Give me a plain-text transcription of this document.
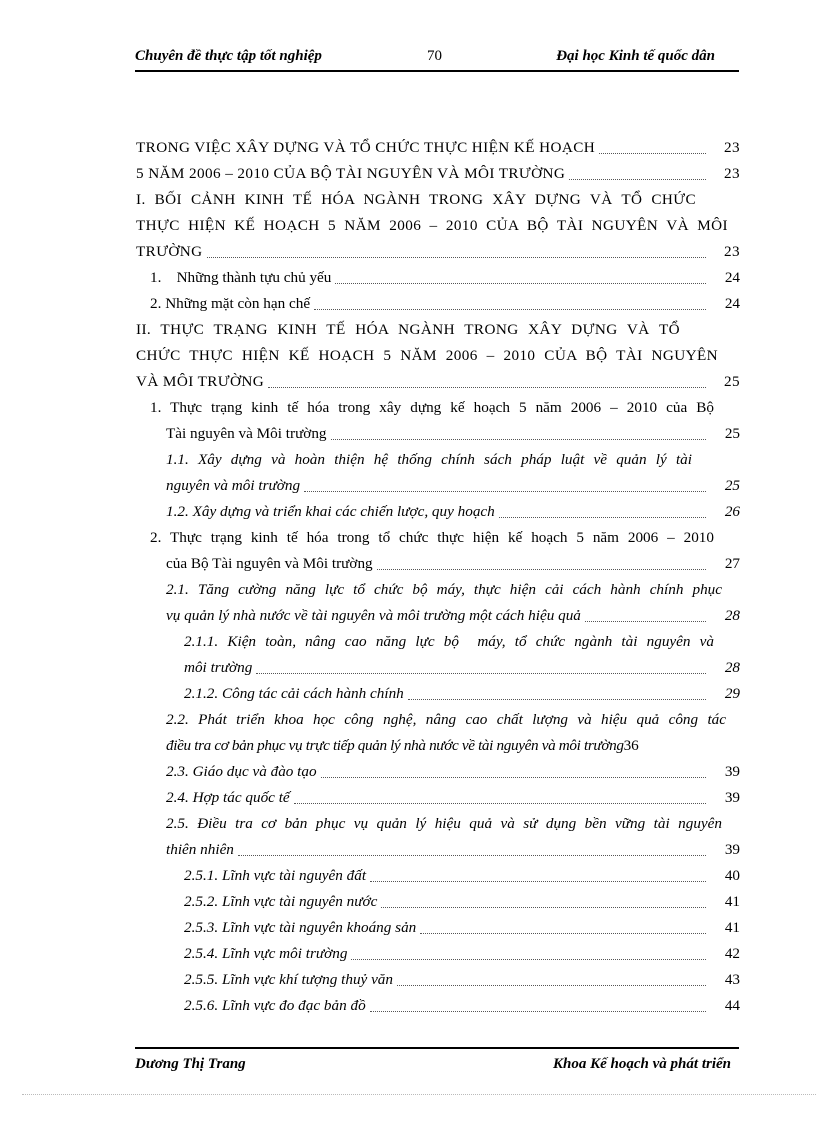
Chuyên đề thực tập tốt nghiệp	70	Đại học Kinh tế quốc dân
TRONG VIỆC XÂY DỰNG VÀ TỔ CHỨC THỰC HIỆN KẾ HOẠCH	23
5 NĂM 2006 – 2010 CỦA BỘ TÀI NGUYÊN VÀ MÔI TRƯỜNG	23
I. BỐI CẢNH KINH TẾ HÓA NGÀNH TRONG XÂY DỰNG VÀ TỔ CHỨC
THỰC HIỆN KẾ HOẠCH 5 NĂM 2006 – 2010 CỦA BỘ TÀI NGUYÊN VÀ MÔI
TRƯỜNG	23
1.    Những thành tựu chủ yếu	24
2. Những mặt còn hạn chế	24
II. THỰC TRẠNG KINH TẾ HÓA NGÀNH TRONG XÂY DỰNG VÀ TỔ
CHỨC THỰC HIỆN KẾ HOẠCH 5 NĂM 2006 – 2010 CỦA BỘ TÀI NGUYÊN
VÀ MÔI TRƯỜNG	25
1. Thực trạng kinh tế hóa trong xây dựng kế hoạch 5 năm 2006 – 2010 của Bộ
Tài nguyên và Môi trường	25
1.1. Xây dựng và hoàn thiện hệ thống chính sách pháp luật về quản lý tài
nguyên và môi trường	25
1.2. Xây dựng và triển khai các chiến lược, quy hoạch	26
2. Thực trạng kinh tế hóa trong tổ chức thực hiện kế hoạch 5 năm 2006 – 2010
của Bộ Tài nguyên và Môi trường	27
2.1. Tăng cường năng lực tổ chức bộ máy, thực hiện cải cách hành chính phục
vụ quản lý nhà nước về tài nguyên và môi trường một cách hiệu quả	28
2.1.1. Kiện toàn, nâng cao năng lực bộ  máy, tổ chức ngành tài nguyên và
môi trường	28
2.1.2. Công tác cải cách hành chính	29
2.2. Phát triển khoa học công nghệ, nâng cao chất lượng và hiệu quả công tác
điều tra cơ bản phục vụ trực tiếp quản lý nhà nước về tài nguyên và môi trường 36
2.3. Giáo dục và đào tạo	39
2.4. Hợp tác quốc tế	39
2.5. Điều tra cơ bản phục vụ quản lý hiệu quả và sử dụng bền vững tài nguyên
thiên nhiên	39
2.5.1. Lĩnh vực tài nguyên đất	40
2.5.2. Lĩnh vực tài nguyên nước	41
2.5.3. Lĩnh vực tài nguyên khoáng sản	41
2.5.4. Lĩnh vực môi trường	42
2.5.5. Lĩnh vực khí tượng thuỷ văn	43
2.5.6. Lĩnh vực đo đạc bản đồ	44
Dương Thị Trang	Khoa Kế hoạch và phát triển
